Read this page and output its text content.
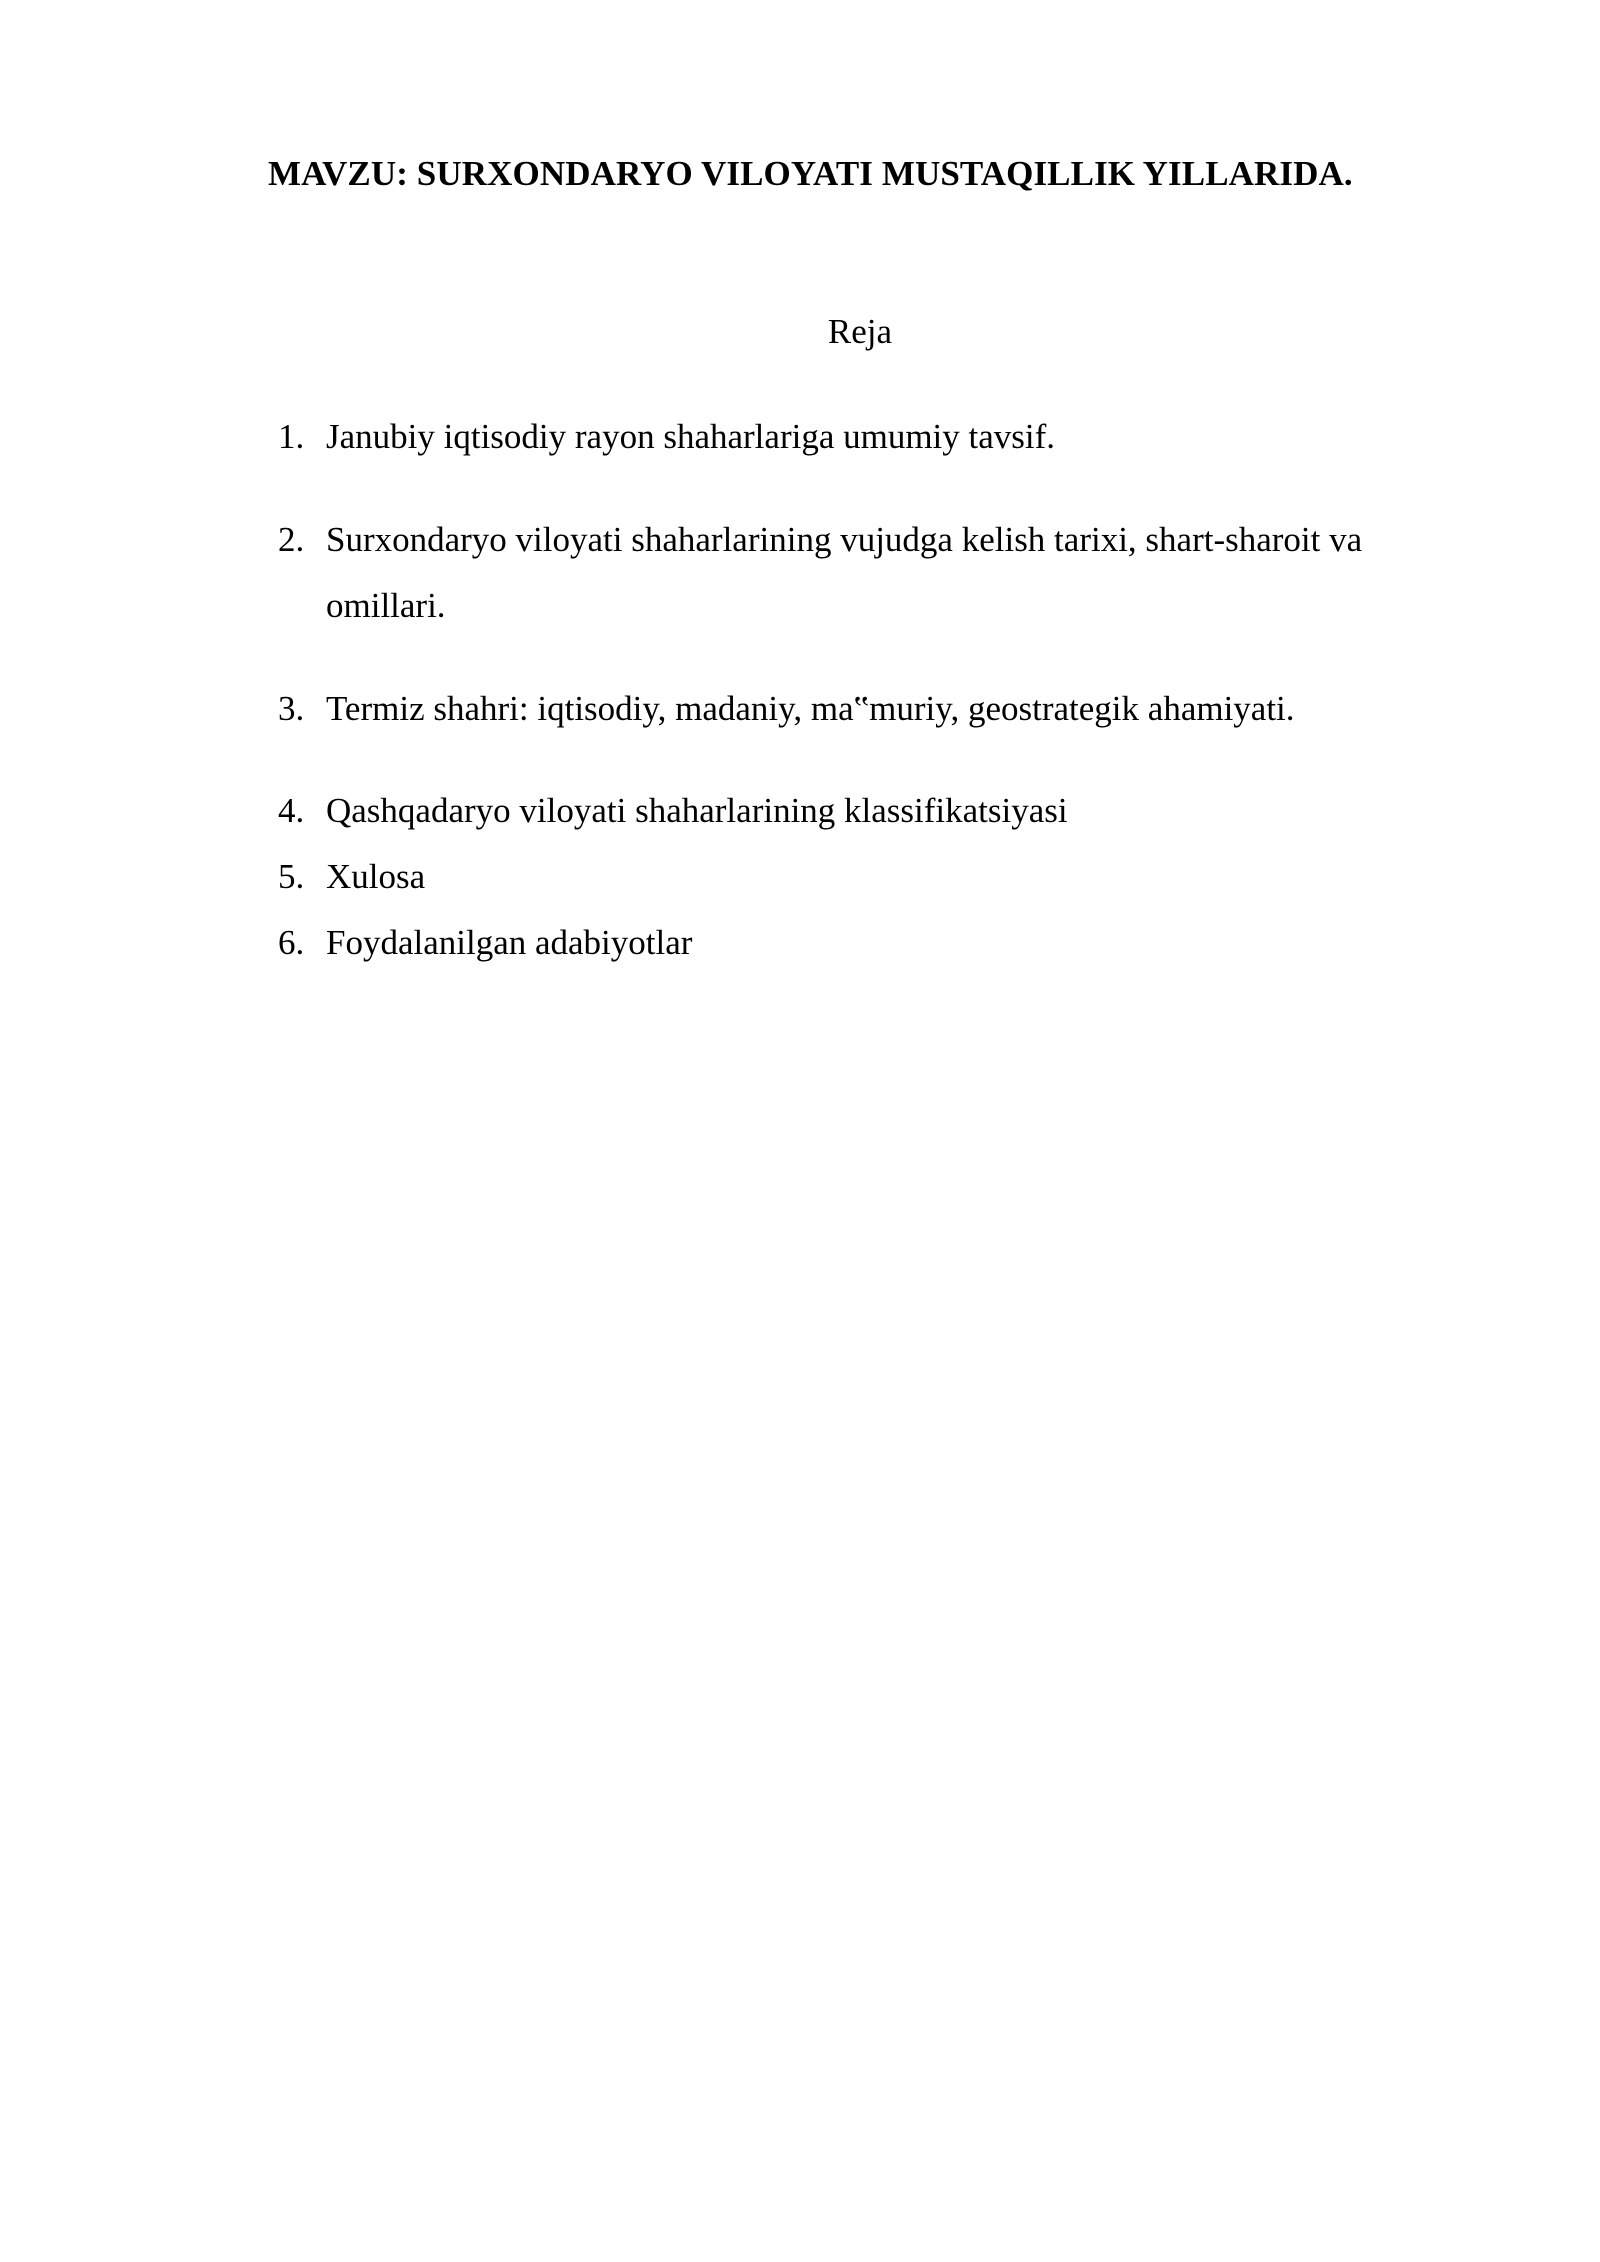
MAVZU: SURXONDARYO VILOYATI MUSTAQILLIK YILLARIDA.
Reja
1. Janubiy iqtisodiy rayon shaharlariga umumiy tavsif.
2. Surxondaryo viloyati shaharlarining vujudga kelish tarixi, shart-sharoit va omillari.
3. Termiz shahri: iqtisodiy, madaniy, ma‟muriy, geostrategik ahamiyati.
4. Qashqadaryo viloyati shaharlarining klassifikatsiyasi
5. Xulosa
6. Foydalanilgan adabiyotlar
